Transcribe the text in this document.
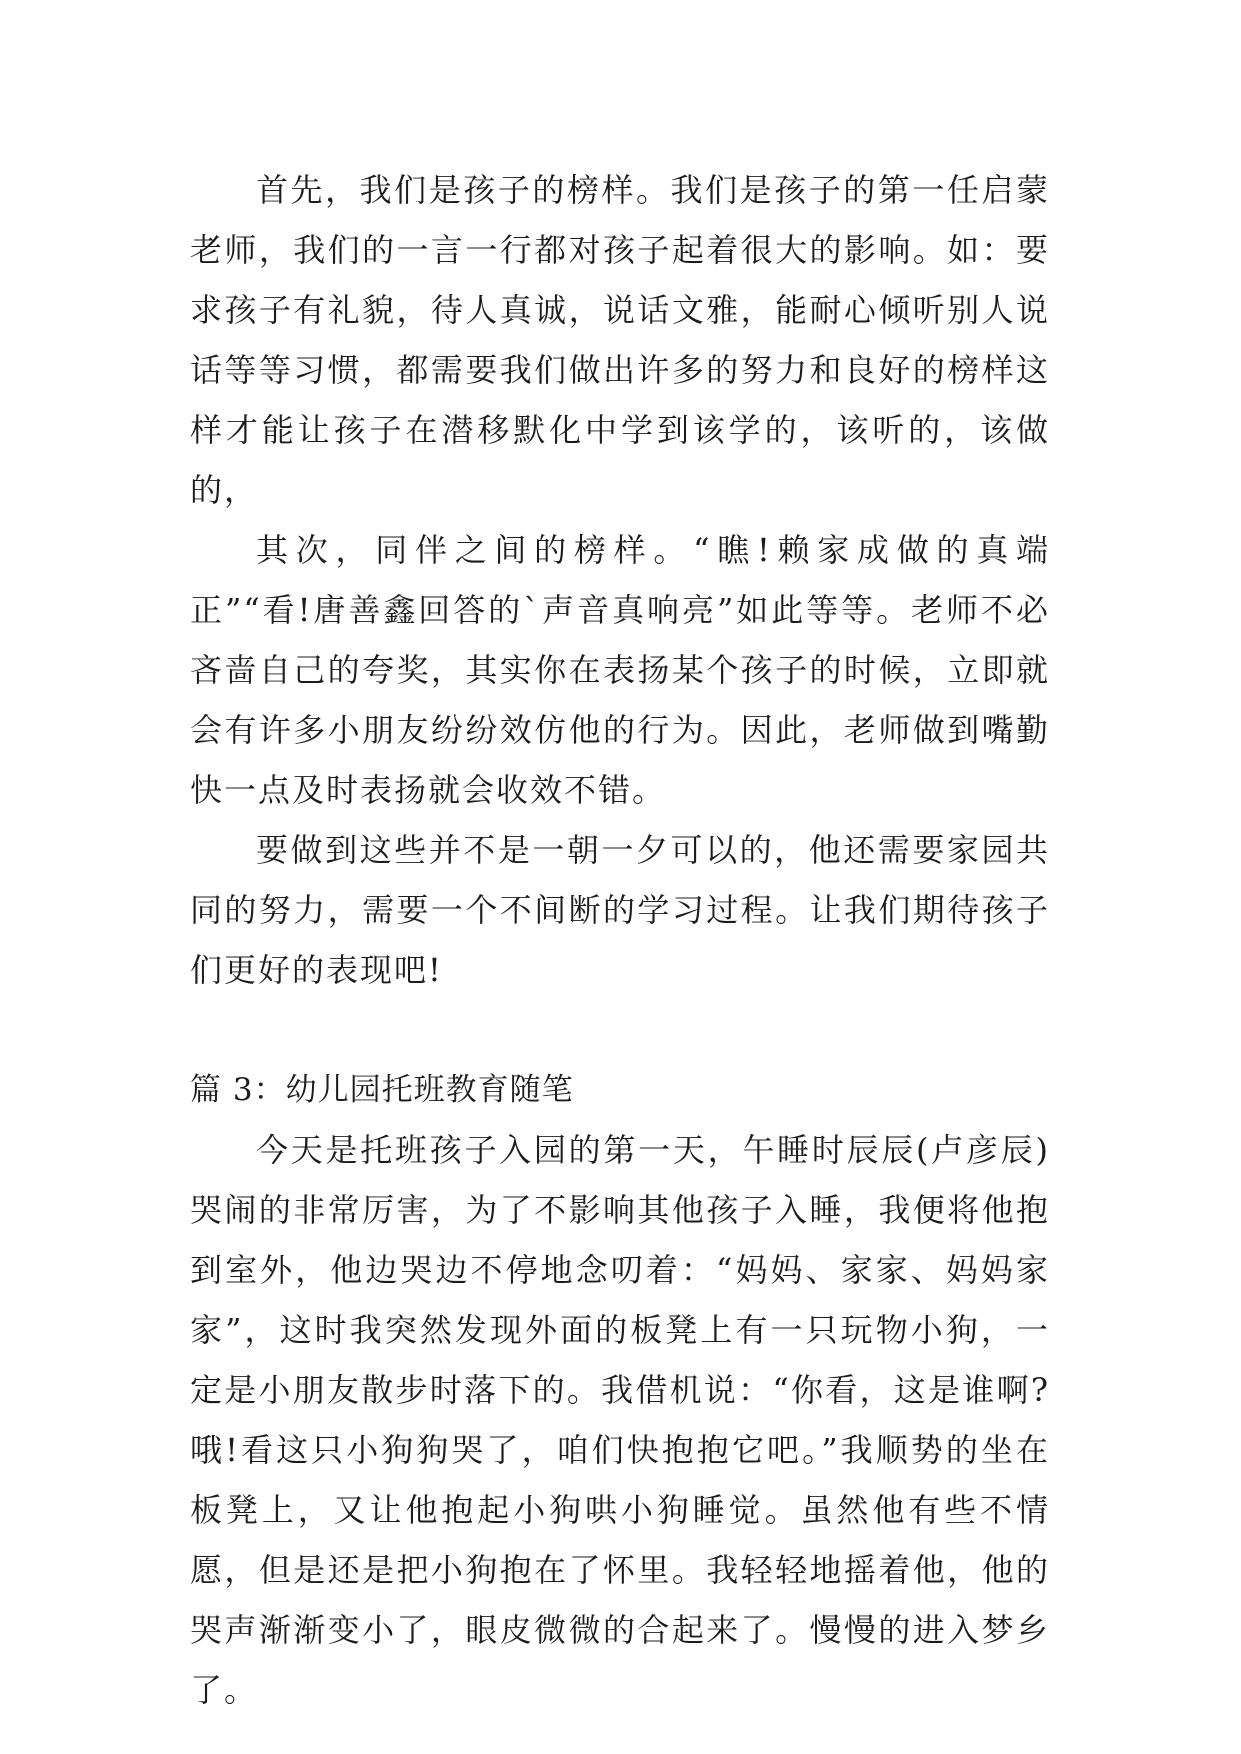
首先，我们是孩子的榜样。我们是孩子的第一任启蒙老师，我们的一言一行都对孩子起着很大的影响。如：要求孩子有礼貌，待人真诚，说话文雅，能耐心倾听别人说话等等习惯，都需要我们做出许多的努力和良好的榜样这样才能让孩子在潜移默化中学到该学的，该听的，该做的，

其次，同伴之间的榜样。“瞧!赖家成做的真端正”“看!唐善鑫回答的`声音真响亮”如此等等。老师不必吝啬自己的夸奖，其实你在表扬某个孩子的时候，立即就会有许多小朋友纷纷效仿他的行为。因此，老师做到嘴勤快一点及时表扬就会收效不错。

要做到这些并不是一朝一夕可以的，他还需要家园共同的努力，需要一个不间断的学习过程。让我们期待孩子们更好的表现吧!

篇 3：幼儿园托班教育随笔

今天是托班孩子入园的第一天，午睡时辰辰(卢彦辰)哭闹的非常厉害，为了不影响其他孩子入睡，我便将他抱到室外，他边哭边不停地念叨着：“妈妈、家家、妈妈家家”，这时我突然发现外面的板凳上有一只玩物小狗，一定是小朋友散步时落下的。我借机说：“你看，这是谁啊?哦!看这只小狗狗哭了，咱们快抱抱它吧。”我顺势的坐在板凳上，又让他抱起小狗哄小狗睡觉。虽然他有些不情愿，但是还是把小狗抱在了怀里。我轻轻地摇着他，他的哭声渐渐变小了，眼皮微微的合起来了。慢慢的进入梦乡了。
